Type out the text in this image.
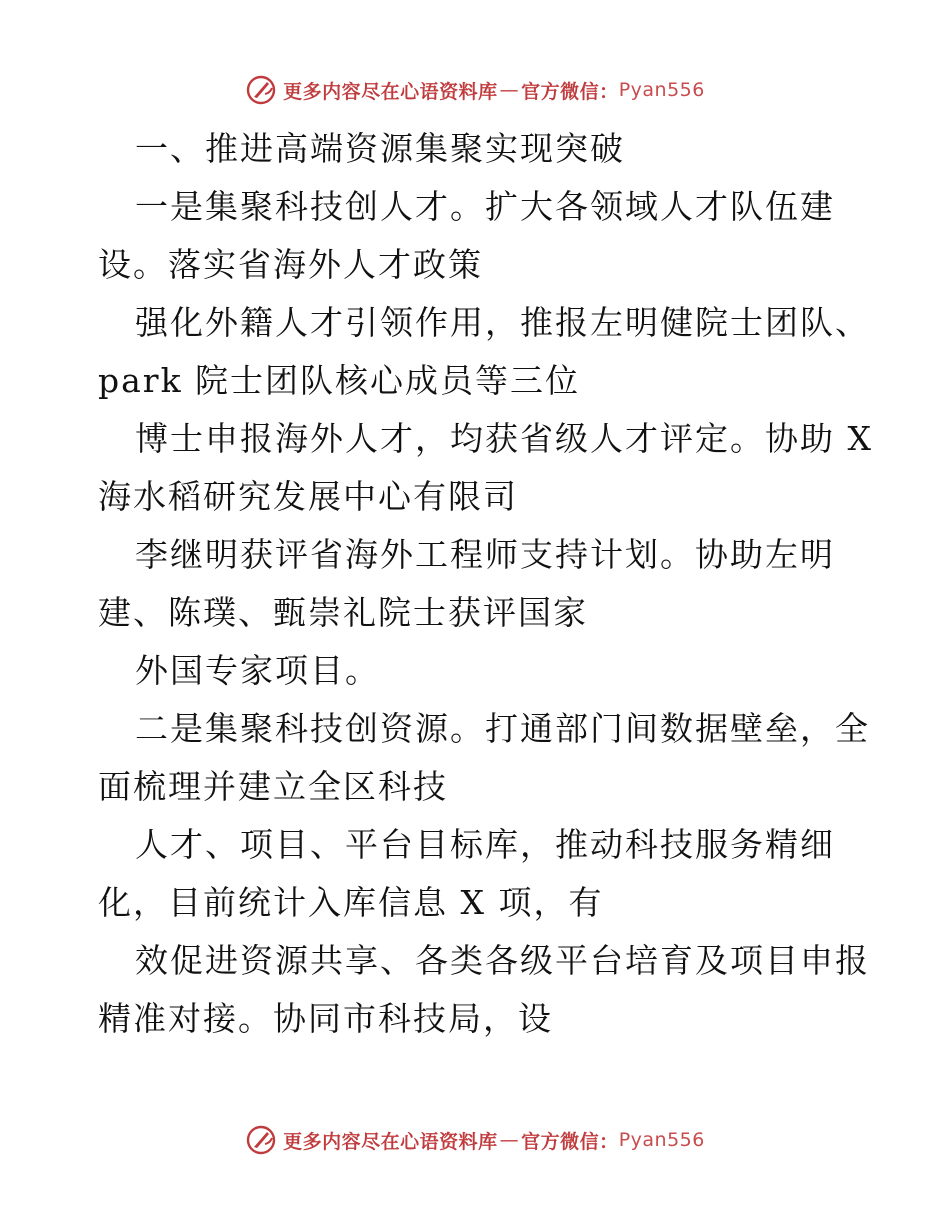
更多内容尽在心语资料库 — 官方微信： Pyan556
一、推进高端资源集聚实现突破
一是集聚科技创人才。扩大各领域人才队伍建
设。落实省海外人才政策
强化外籍人才引领作用，推报左明健院士团队、
park 院士团队核心成员等三位
博士申报海外人才，均获省级人才评定。协助 X
海水稻研究发展中心有限司
李继明获评省海外工程师支持计划。协助左明
建、陈璞、甄崇礼院士获评国家
外国专家项目。
二是集聚科技创资源。打通部门间数据壁垒，全
面梳理并建立全区科技
人才、项目、平台目标库，推动科技服务精细
化，目前统计入库信息 X 项，有
效促进资源共享、各类各级平台培育及项目申报
精准对接。协同市科技局，设
更多内容尽在心语资料库 — 官方微信： Pyan556
